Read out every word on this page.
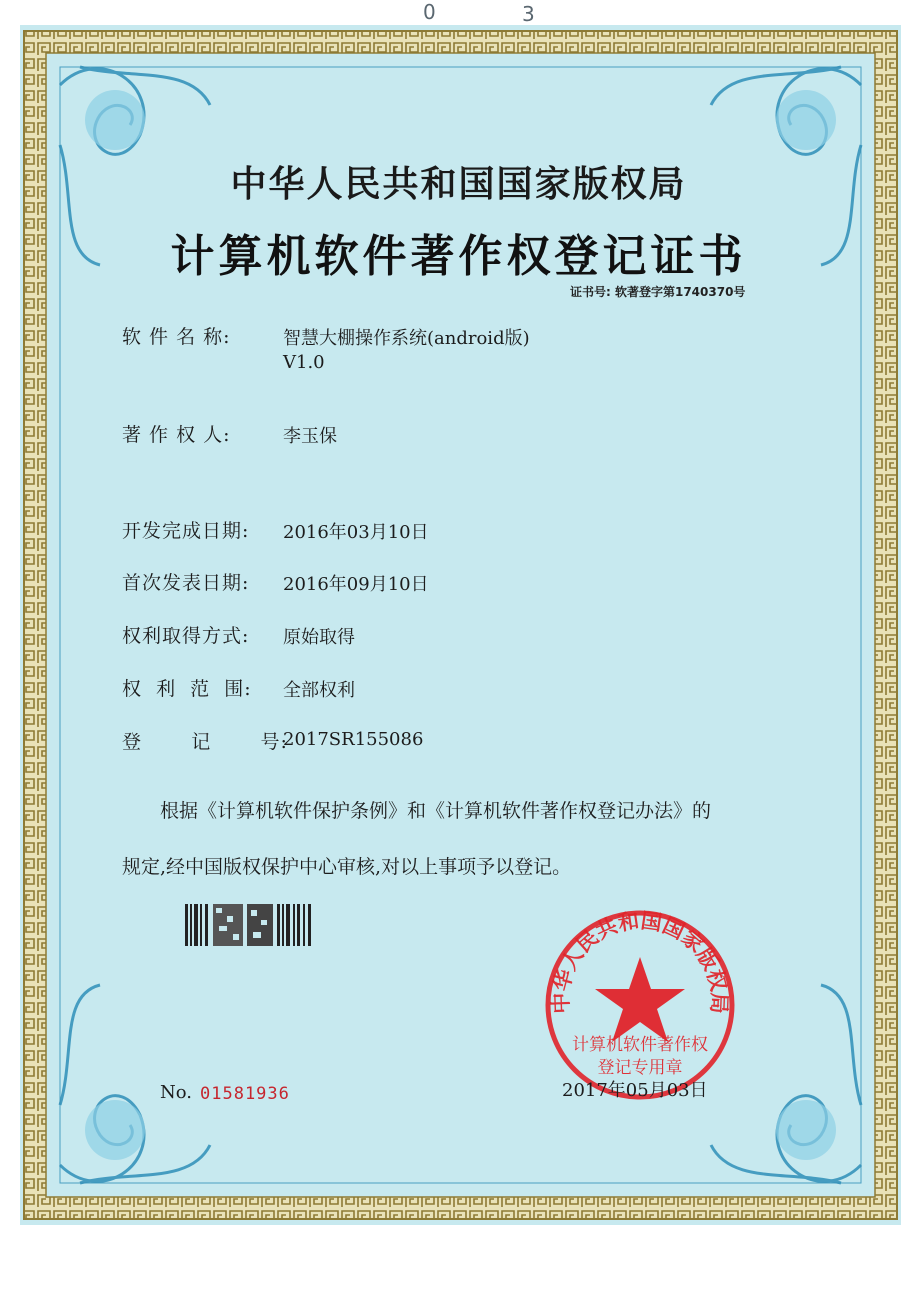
0	3
中华人民共和国国家版权局
计算机软件著作权登记证书
证书号: 软著登字第1740370号
软 件 名 称:	智慧大棚操作系统(android版)
V1.0
著 作 权 人:	李玉保
开发完成日期: 2016年03月10日
首次发表日期: 2016年09月10日
权利取得方式: 原始取得
权  利  范  围: 全部权利
登       记       号:
2017SR155086
根据《计算机软件保护条例》和《计算机软件著作权登记办法》的
规定,经中国版权保护中心审核,对以上事项予以登记。
中华人民共和国国家版权局
计算机软件著作权
登记专用章
No. 01581936	2017年05月03日
